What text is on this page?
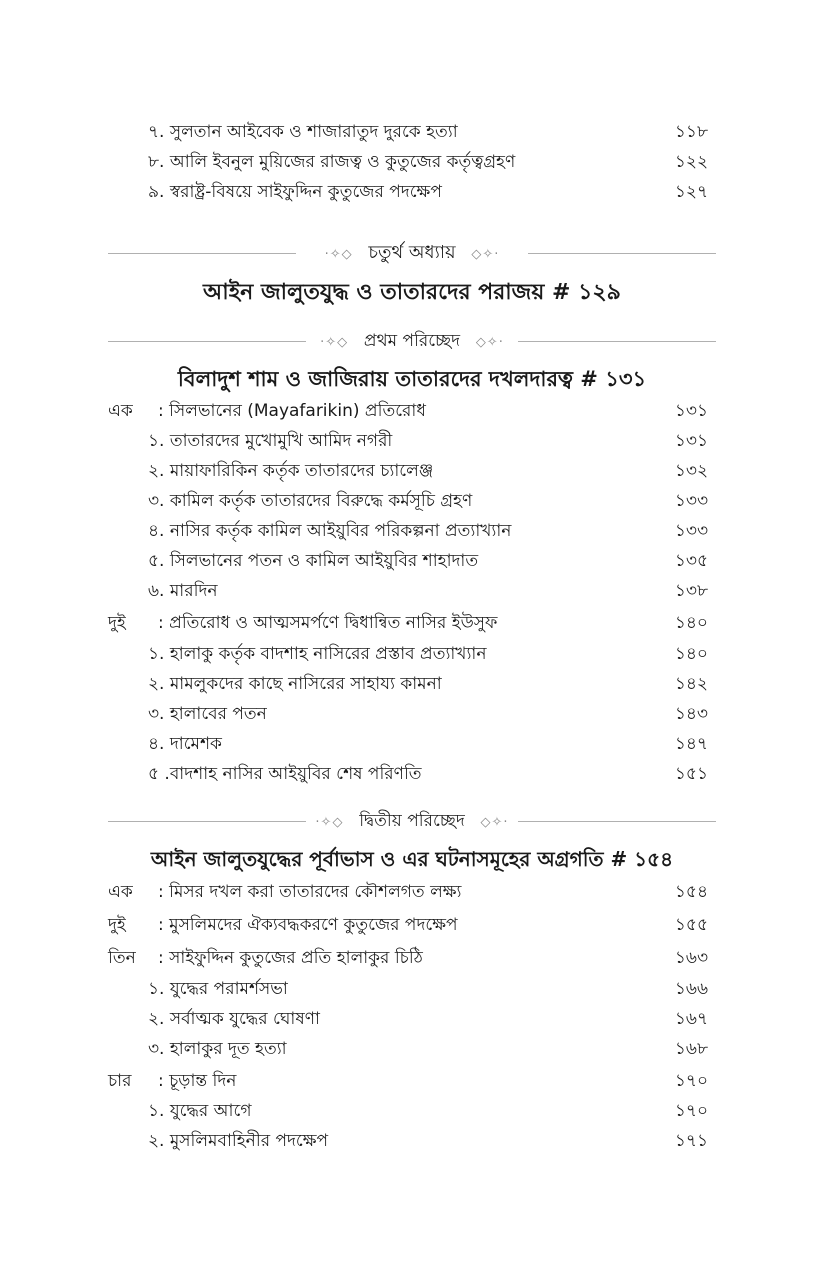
৭. সুলতান আইবেক ও শাজারাতুদ দুরকে হত্যা	১১৮
৮. আলি ইবনুল মুয়িজের রাজত্ব ও কুতুজের কর্তৃত্বগ্রহণ	১২২
৯. স্বরাষ্ট্র-বিষয়ে সাইফুদ্দিন কুতুজের পদক্ষেপ	১২৭
·✧◇ চতুর্থ অধ্যায় ◇✧·
আইন জালুতযুদ্ধ ও তাতারদের পরাজয় # ১২৯
·✧◇ প্রথম পরিচ্ছেদ ◇✧·
বিলাদুশ শাম ও জাজিরায় তাতারদের দখলদারত্ব # ১৩১
এক : সিলভানের (Mayafarikin) প্রতিরোধ	১৩১
১. তাতারদের মুখোমুখি আমিদ নগরী	১৩১
২. মায়াফারিকিন কর্তৃক তাতারদের চ্যালেঞ্জ	১৩২
৩. কামিল কর্তৃক তাতারদের বিরুদ্ধে কর্মসূচি গ্রহণ	১৩৩
৪. নাসির কর্তৃক কামিল আইয়ুবির পরিকল্পনা প্রত্যাখ্যান	১৩৩
৫. সিলভানের পতন ও কামিল আইয়ুবির শাহাদাত	১৩৫
৬. মারদিন	১৩৮
দুই : প্রতিরোধ ও আত্মসমর্পণে দ্বিধান্বিত নাসির ইউসুফ	১৪০
১. হালাকু কর্তৃক বাদশাহ নাসিরের প্রস্তাব প্রত্যাখ্যান	১৪০
২. মামলুকদের কাছে নাসিরের সাহায্য কামনা	১৪২
৩. হালাবের পতন	১৪৩
৪. দামেশক	১৪৭
৫ .বাদশাহ নাসির আইয়ুবির শেষ পরিণতি	১৫১
·✧◇ দ্বিতীয় পরিচ্ছেদ ◇✧·
আইন জালুতযুদ্ধের পূর্বাভাস ও এর ঘটনাসমূহের অগ্রগতি # ১৫৪
এক : মিসর দখল করা তাতারদের কৌশলগত লক্ষ্য	১৫৪
দুই : মুসলিমদের ঐক্যবদ্ধকরণে কুতুজের পদক্ষেপ	১৫৫
তিন : সাইফুদ্দিন কুতুজের প্রতি হালাকুর চিঠি	১৬৩
১. যুদ্ধের পরামর্শসভা	১৬৬
২. সর্বাত্মক যুদ্ধের ঘোষণা	১৬৭
৩. হালাকুর দূত হত্যা	১৬৮
চার : চূড়ান্ত দিন	১৭০
১. যুদ্ধের আগে	১৭০
২. মুসলিমবাহিনীর পদক্ষেপ	১৭১
